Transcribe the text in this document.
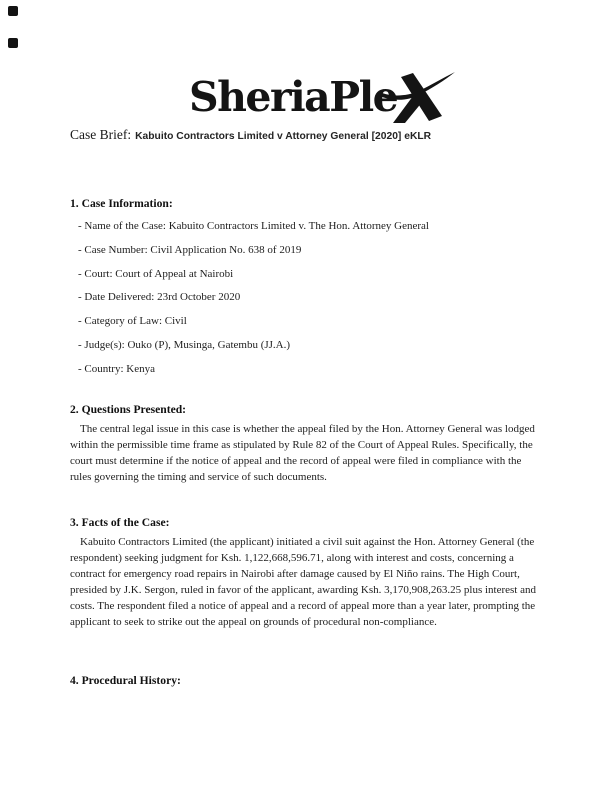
SheriaPle
Case Brief: Kabuito Contractors Limited v Attorney General [2020] eKLR
1. Case Information:
- Name of the Case: Kabuito Contractors Limited v. The Hon. Attorney General
- Case Number: Civil Application No. 638 of 2019
- Court: Court of Appeal at Nairobi
- Date Delivered: 23rd October 2020
- Category of Law: Civil
- Judge(s): Ouko (P), Musinga, Gatembu (JJ.A.)
- Country: Kenya
2. Questions Presented:

The central legal issue in this case is whether the appeal filed by the Hon. Attorney General was lodged within the permissible time frame as stipulated by Rule 82 of the Court of Appeal Rules. Specifically, the court must determine if the notice of appeal and the record of appeal were filed in compliance with the rules governing the timing and service of such documents.

3. Facts of the Case:

Kabuito Contractors Limited (the applicant) initiated a civil suit against the Hon. Attorney General (the respondent) seeking judgment for Ksh. 1,122,668,596.71, along with interest and costs, concerning a contract for emergency road repairs in Nairobi after damage caused by El Niño rains. The High Court, presided by J.K. Sergon, ruled in favor of the applicant, awarding Ksh. 3,170,908,263.25 plus interest and costs. The respondent filed a notice of appeal and a record of appeal more than a year later, prompting the applicant to seek to strike out the appeal on grounds of procedural non-compliance.

4. Procedural History:
